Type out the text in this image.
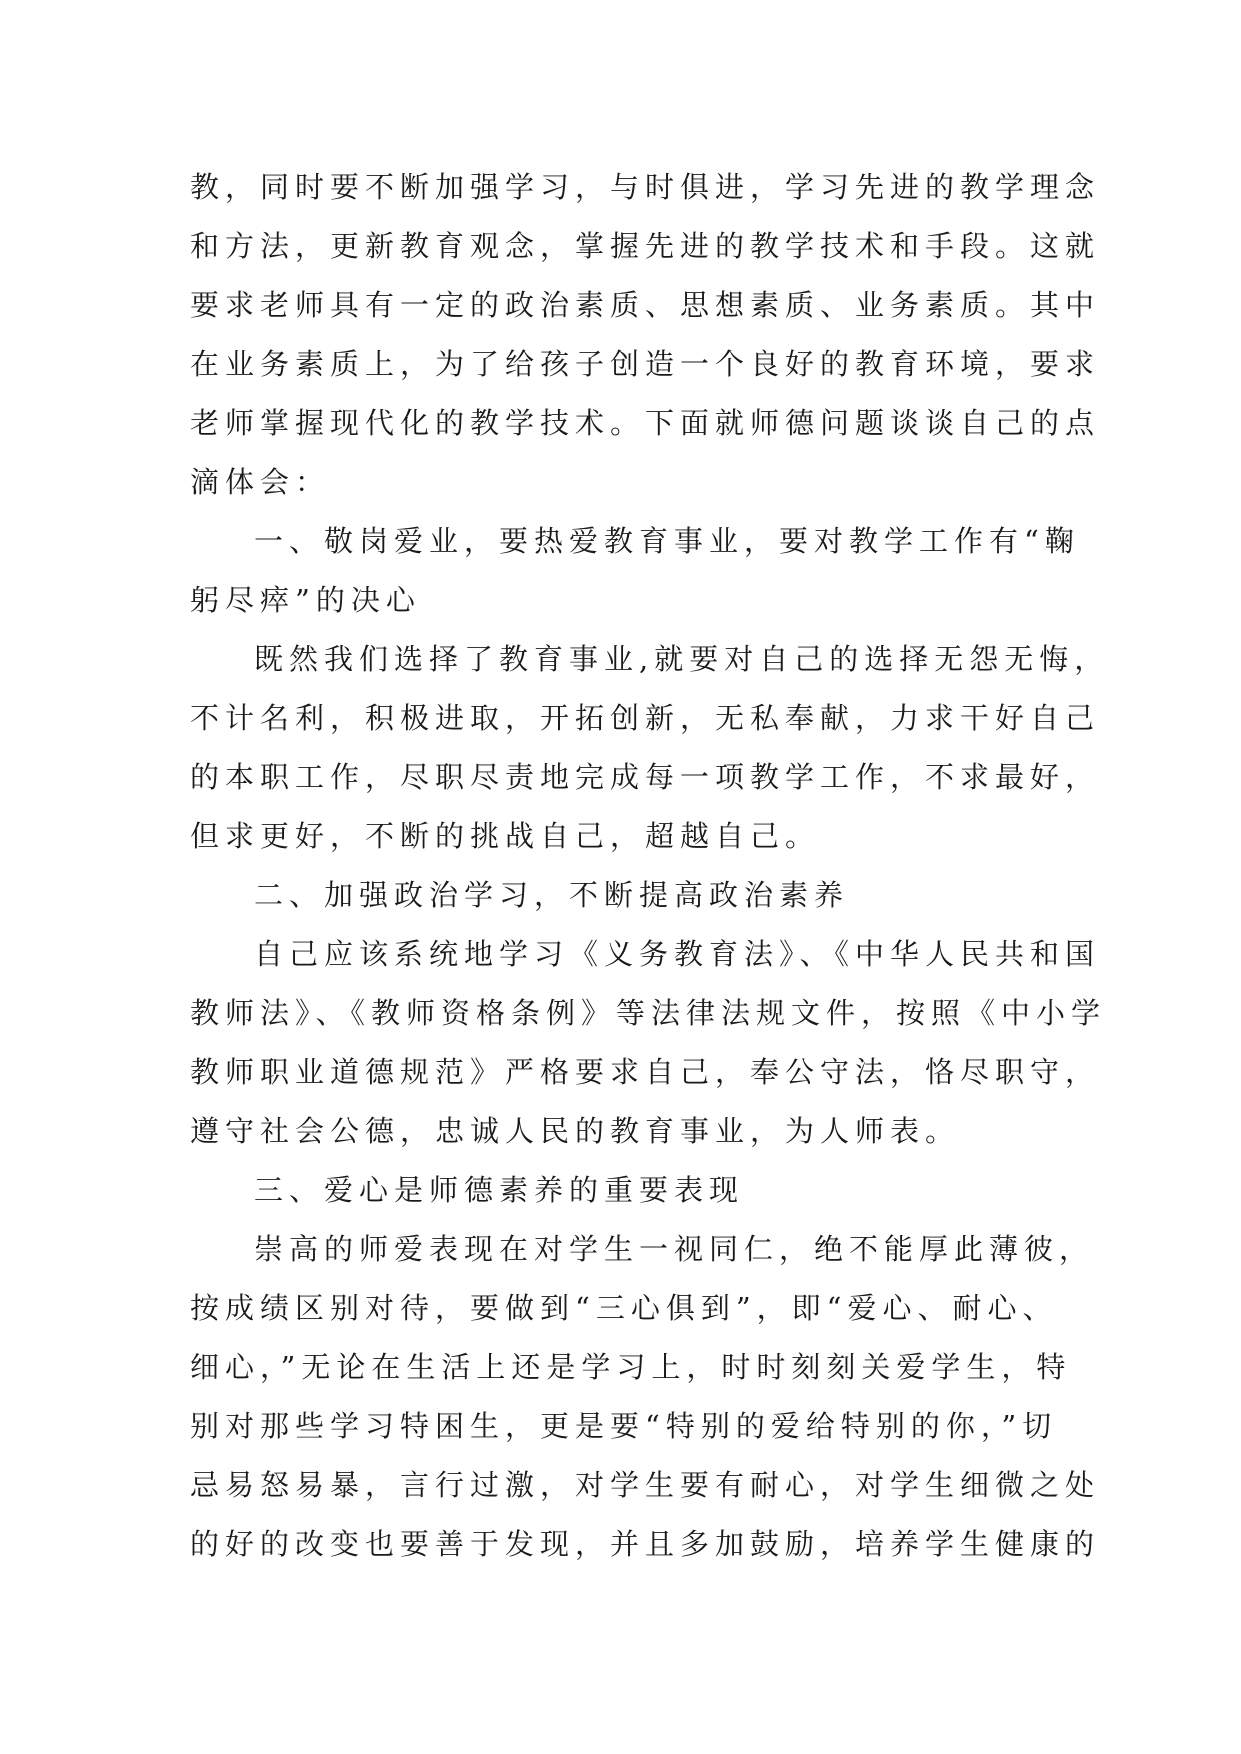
教，同时要不断加强学习，与时俱进，学习先进的教学理念
和方法，更新教育观念，掌握先进的教学技术和手段。这就
要求老师具有一定的政治素质、思想素质、业务素质。其中
在业务素质上，为了给孩子创造一个良好的教育环境，要求
老师掌握现代化的教学技术。下面就师德问题谈谈自己的点
滴体会：
一、敬岗爱业，要热爱教育事业，要对教学工作有“鞠
躬尽瘁”的决心
既然我们选择了教育事业,就要对自己的选择无怨无悔，
不计名利，积极进取，开拓创新，无私奉献，力求干好自己
的本职工作，尽职尽责地完成每一项教学工作，不求最好，
但求更好，不断的挑战自己，超越自己。
二、加强政治学习，不断提高政治素养
自己应该系统地学习《义务教育法》、《中华人民共和国
教师法》、《教师资格条例》等法律法规文件，按照《中小学
教师职业道德规范》严格要求自己，奉公守法，恪尽职守，
遵守社会公德，忠诚人民的教育事业，为人师表。
三、爱心是师德素养的重要表现
崇高的师爱表现在对学生一视同仁，绝不能厚此薄彼，
按成绩区别对待，要做到“三心俱到”，即“爱心、耐心、
细心，”无论在生活上还是学习上，时时刻刻关爱学生，特
别对那些学习特困生，更是要“特别的爱给特别的你，”切
忌易怒易暴，言行过激，对学生要有耐心，对学生细微之处
的好的改变也要善于发现，并且多加鼓励，培养学生健康的
